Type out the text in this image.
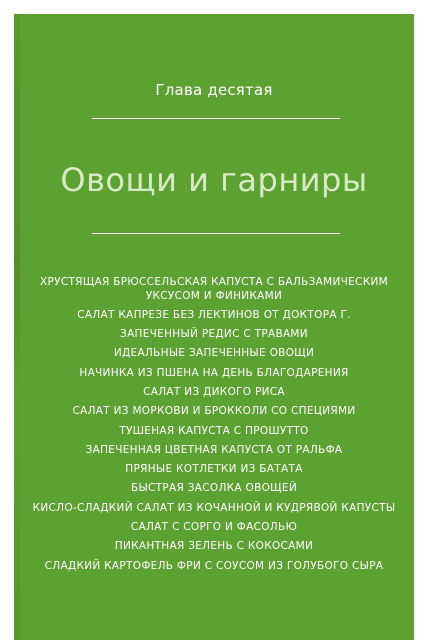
Глава десятая
Овощи и гарниры
ХРУСТЯЩАЯ БРЮССЕЛЬСКАЯ КАПУСТА С БАЛЬЗАМИЧЕСКИМ
УКСУСОМ И ФИНИКАМИ
САЛАТ КАПРЕЗЕ БЕЗ ЛЕКТИНОВ ОТ ДОКТОРА Г.
ЗАПЕЧЕННЫЙ РЕДИС С ТРАВАМИ
ИДЕАЛЬНЫЕ ЗАПЕЧЕННЫЕ ОВОЩИ
НАЧИНКА ИЗ ПШЕНА НА ДЕНЬ БЛАГОДАРЕНИЯ
САЛАТ ИЗ ДИКОГО РИСА
САЛАТ ИЗ МОРКОВИ И БРОККОЛИ СО СПЕЦИЯМИ
ТУШЕНАЯ КАПУСТА С ПРОШУТТО
ЗАПЕЧЕННАЯ ЦВЕТНАЯ КАПУСТА ОТ РАЛЬФА
ПРЯНЫЕ КОТЛЕТКИ ИЗ БАТАТА
БЫСТРАЯ ЗАСОЛКА ОВОЩЕЙ
КИСЛО-СЛАДКИЙ САЛАТ ИЗ КОЧАННОЙ И КУДРЯВОЙ КАПУСТЫ
САЛАТ С СОРГО И ФАСОЛЬЮ
ПИКАНТНАЯ ЗЕЛЕНЬ С КОКОСАМИ
СЛАДКИЙ КАРТОФЕЛЬ ФРИ С СОУСОМ ИЗ ГОЛУБОГО СЫРА
